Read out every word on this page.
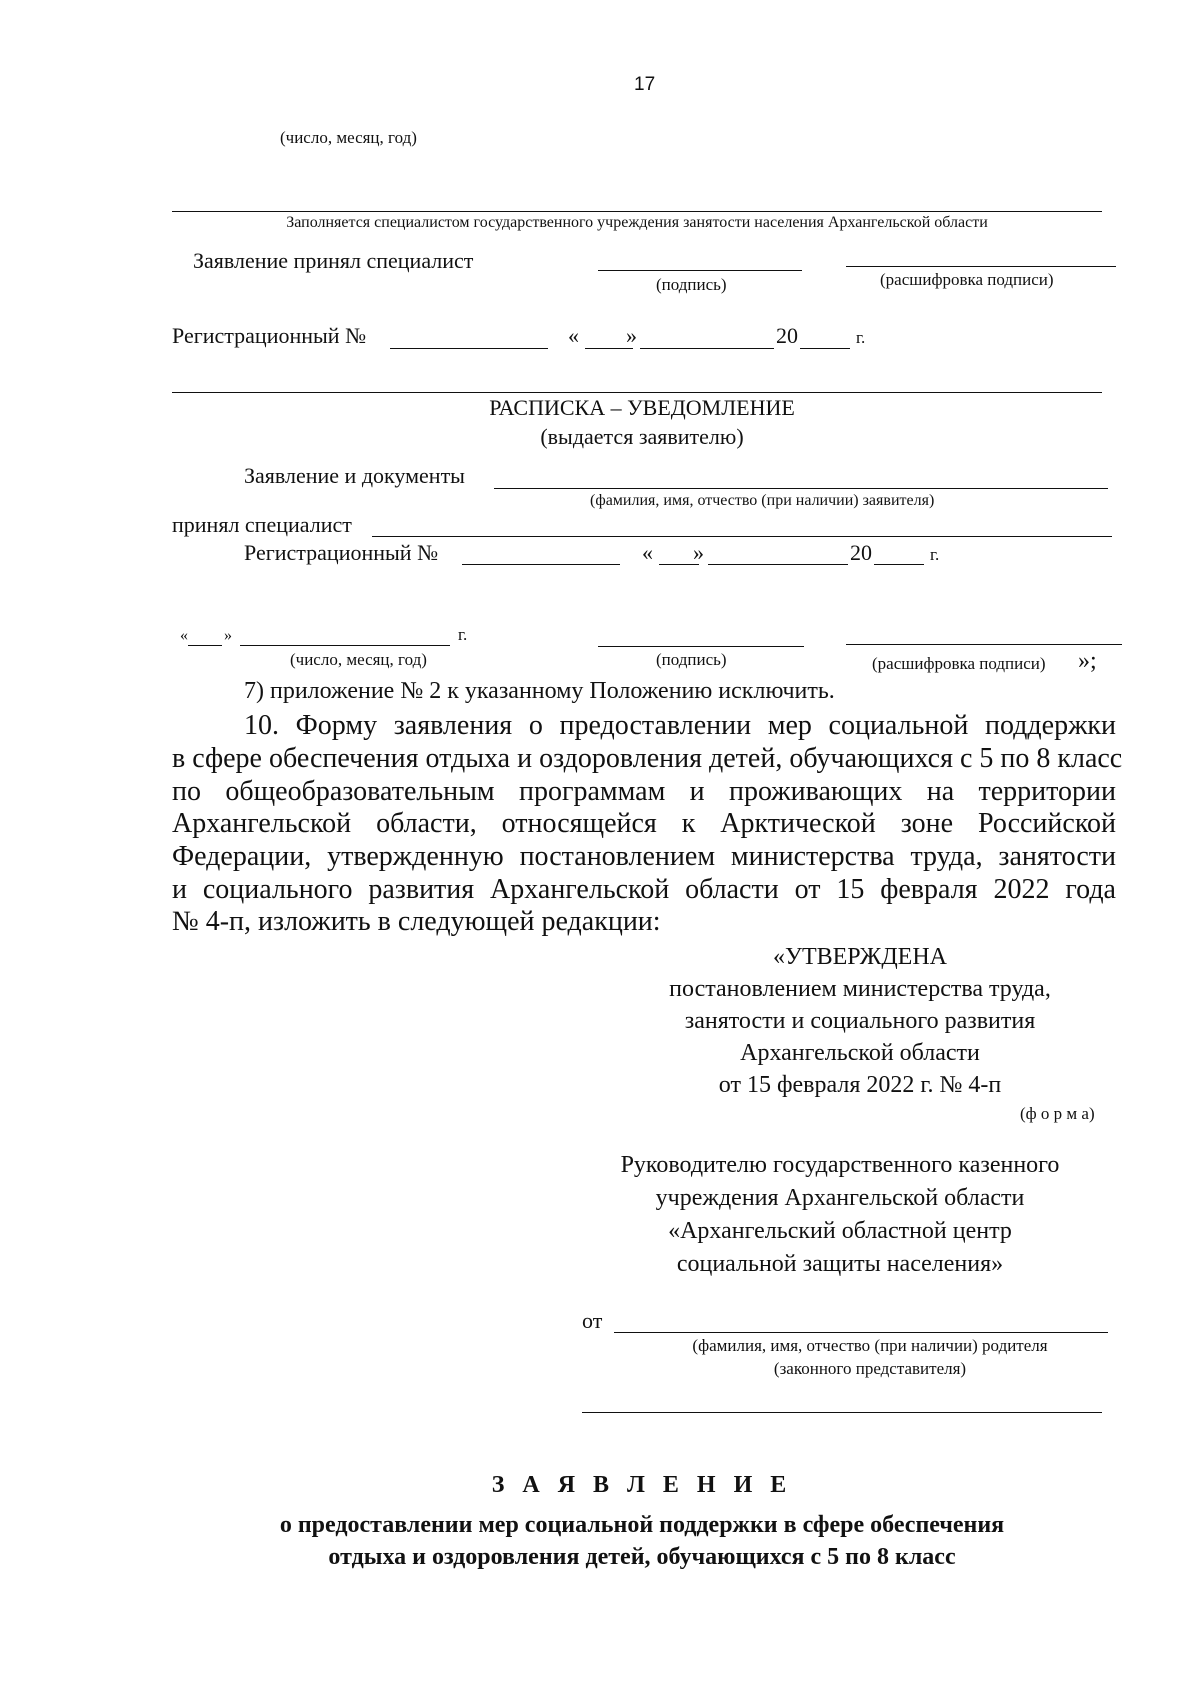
17
(число, месяц, год)
Заполняется специалистом государственного учреждения занятости населения Архангельской области
Заявление принял специалист
(подпись)	(расшифровка подписи)
Регистрационный №	« »	20	г.
РАСПИСКА – УВЕДОМЛЕНИЕ
(выдается заявителю)
Заявление и документы
(фамилия, имя, отчество (при наличии) заявителя)
принял специалист
Регистрационный №	« »	20	г.
« »	г.
(число, месяц, год)	(подпись)	(расшифровка подписи) »;
7) приложение № 2 к указанному Положению исключить.
10. Форму заявления о предоставлении мер социальной поддержки
в сфере обеспечения отдыха и оздоровления детей, обучающихся с 5 по 8 класс
по общеобразовательным программам и проживающих на территории
Архангельской области, относящейся к Арктической зоне Российской
Федерации, утвержденную постановлением министерства труда, занятости
и социального развития Архангельской области от 15 февраля 2022 года
№ 4-п, изложить в следующей редакции:
«УТВЕРЖДЕНА
постановлением министерства труда,
занятости и социального развития
Архангельской области
от 15 февраля 2022 г. № 4-п
(ф о р м а)
Руководителю государственного казенного
учреждения Архангельской области
«Архангельский областной центр
социальной защиты населения»
от
(фамилия, имя, отчество (при наличии) родителя
(законного представителя)
З А Я В Л Е Н И Е
о предоставлении мер социальной поддержки в сфере обеспечения
отдыха и оздоровления детей, обучающихся с 5 по 8 класс
